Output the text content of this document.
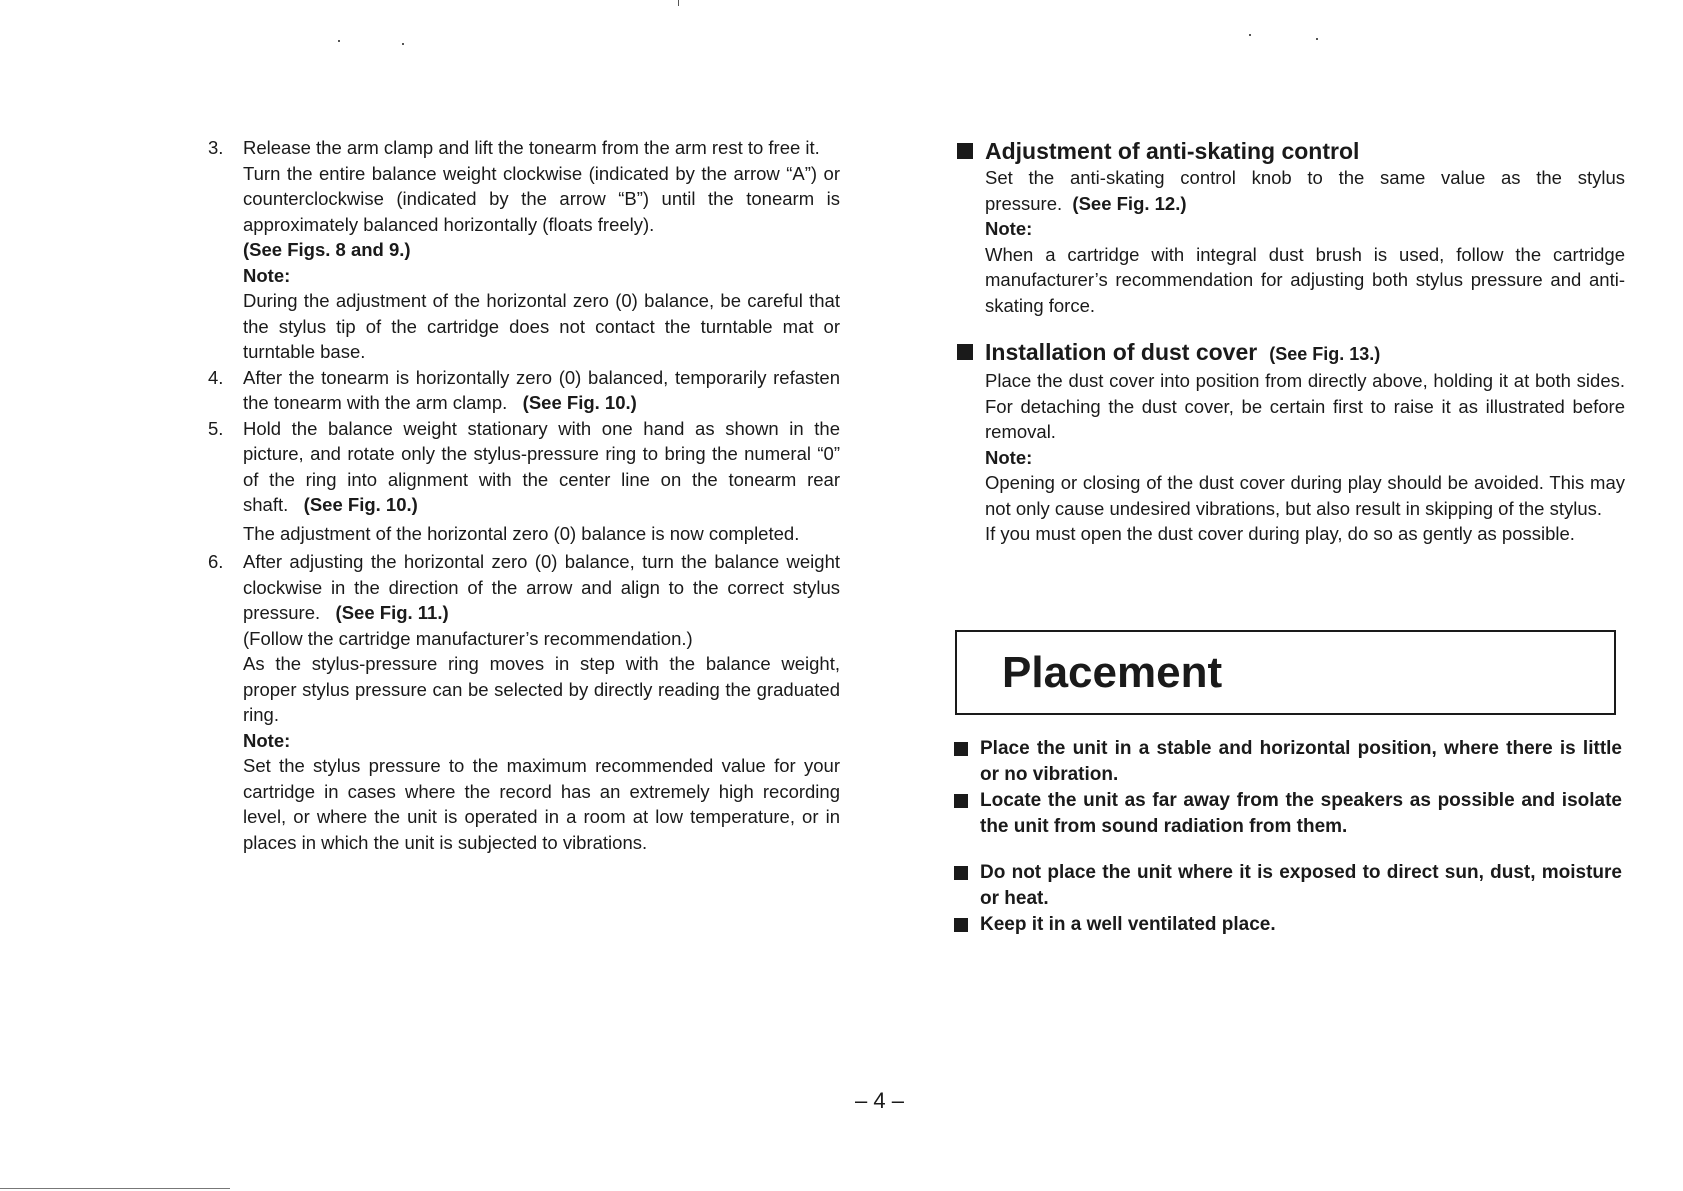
3.	Release the arm clamp and lift the tonearm from the arm rest to free it.

Turn the entire balance weight clockwise (indicated by the arrow “A”) or counterclockwise (indicated by the arrow “B”) until the tonearm is approximately balanced horizontally (floats freely).

(See Figs. 8 and 9.)

Note:

During the adjustment of the horizontal zero (0) balance, be careful that the stylus tip of the cartridge does not contact the turntable mat or turntable base.

4.	After the tonearm is horizontally zero (0) balanced, temporarily refasten the tonearm with the arm clamp. (See Fig. 10.)

5.	Hold the balance weight stationary with one hand as shown in the picture, and rotate only the stylus-pressure ring to bring the numeral “0” of the ring into alignment with the center line on the tonearm rear shaft. (See Fig. 10.)

The adjustment of the horizontal zero (0) balance is now completed.

6.	After adjusting the horizontal zero (0) balance, turn the balance weight clockwise in the direction of the arrow and align to the correct stylus pressure. (See Fig. 11.)

(Follow the cartridge manufacturer’s recommendation.)

As the stylus-pressure ring moves in step with the balance weight, proper stylus pressure can be selected by directly reading the graduated ring.

Note:

Set the stylus pressure to the maximum recommended value for your cartridge in cases where the record has an extremely high recording level, or where the unit is operated in a room at low temperature, or in places in which the unit is subjected to vibrations.

Adjustment of anti-skating control

Set the anti-skating control knob to the same value as the stylus pressure. (See Fig. 12.)

Note:

When a cartridge with integral dust brush is used, follow the cartridge manufacturer’s recommendation for adjusting both stylus pressure and anti-skating force.

Installation of dust cover (See Fig. 13.)

Place the dust cover into position from directly above, holding it at both sides. For detaching the dust cover, be certain first to raise it as illustrated before removal.

Note:

Opening or closing of the dust cover during play should be avoided. This may not only cause undesired vibrations, but also result in skipping of the stylus.

If you must open the dust cover during play, do so as gently as possible.

Placement
Place the unit in a stable and horizontal position, where there is little or no vibration.
Locate the unit as far away from the speakers as possible and isolate the unit from sound radiation from them.
Do not place the unit where it is exposed to direct sun, dust, moisture or heat.
Keep it in a well ventilated place.
– 4 –
